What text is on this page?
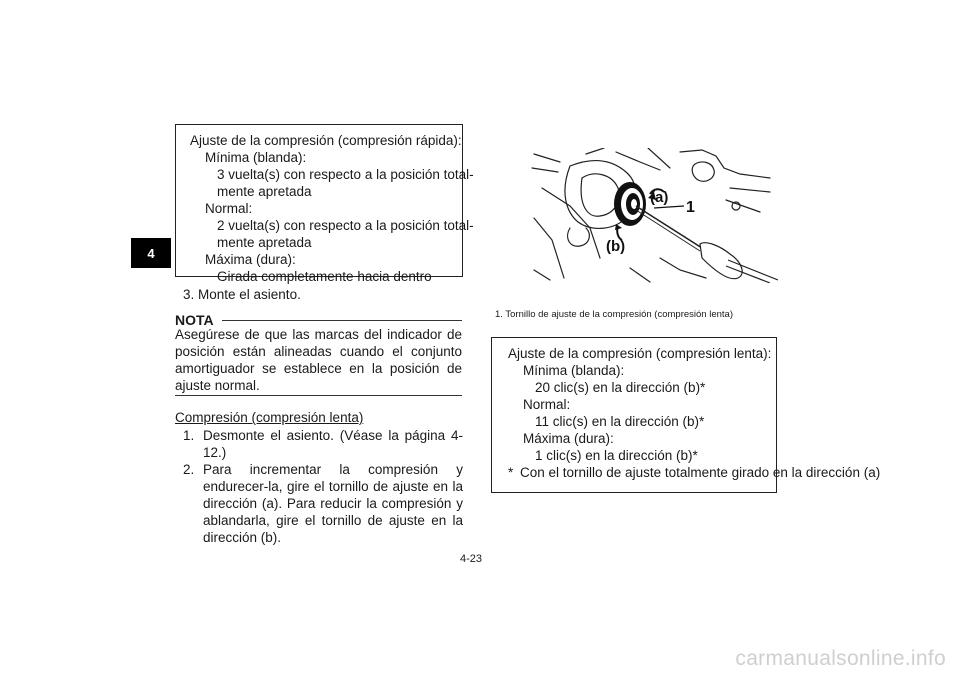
4
Ajuste de la compresión (compresión rápida):
Mínima (blanda):
3 vuelta(s) con respecto a la posición total-
mente apretada
Normal:
2 vuelta(s) con respecto a la posición total-
mente apretada
Máxima (dura):
Girada completamente hacia dentro
3. Monte el asiento.
NOTA
Asegúrese de que las marcas del indicador de posición están alineadas cuando el conjunto amortiguador se establece en la posición de ajuste normal.
Compresión (compresión lenta)
1. Desmonte el asiento. (Véase la página 4-12.)
2. Para incrementar la compresión y endurecer-la, gire el tornillo de ajuste en la dirección (a). Para reducir la compresión y ablandarla, gire el tornillo de ajuste en la dirección (b).
(a)
(b)
1
1. Tornillo de ajuste de la compresión (compresión lenta)
Ajuste de la compresión (compresión lenta):
Mínima (blanda):
20 clic(s) en la dirección (b)*
Normal:
11 clic(s) en la dirección (b)*
Máxima (dura):
1 clic(s) en la dirección (b)*
* Con el tornillo de ajuste totalmente girado en la dirección (a)
4-23
carmanualsonline.info
